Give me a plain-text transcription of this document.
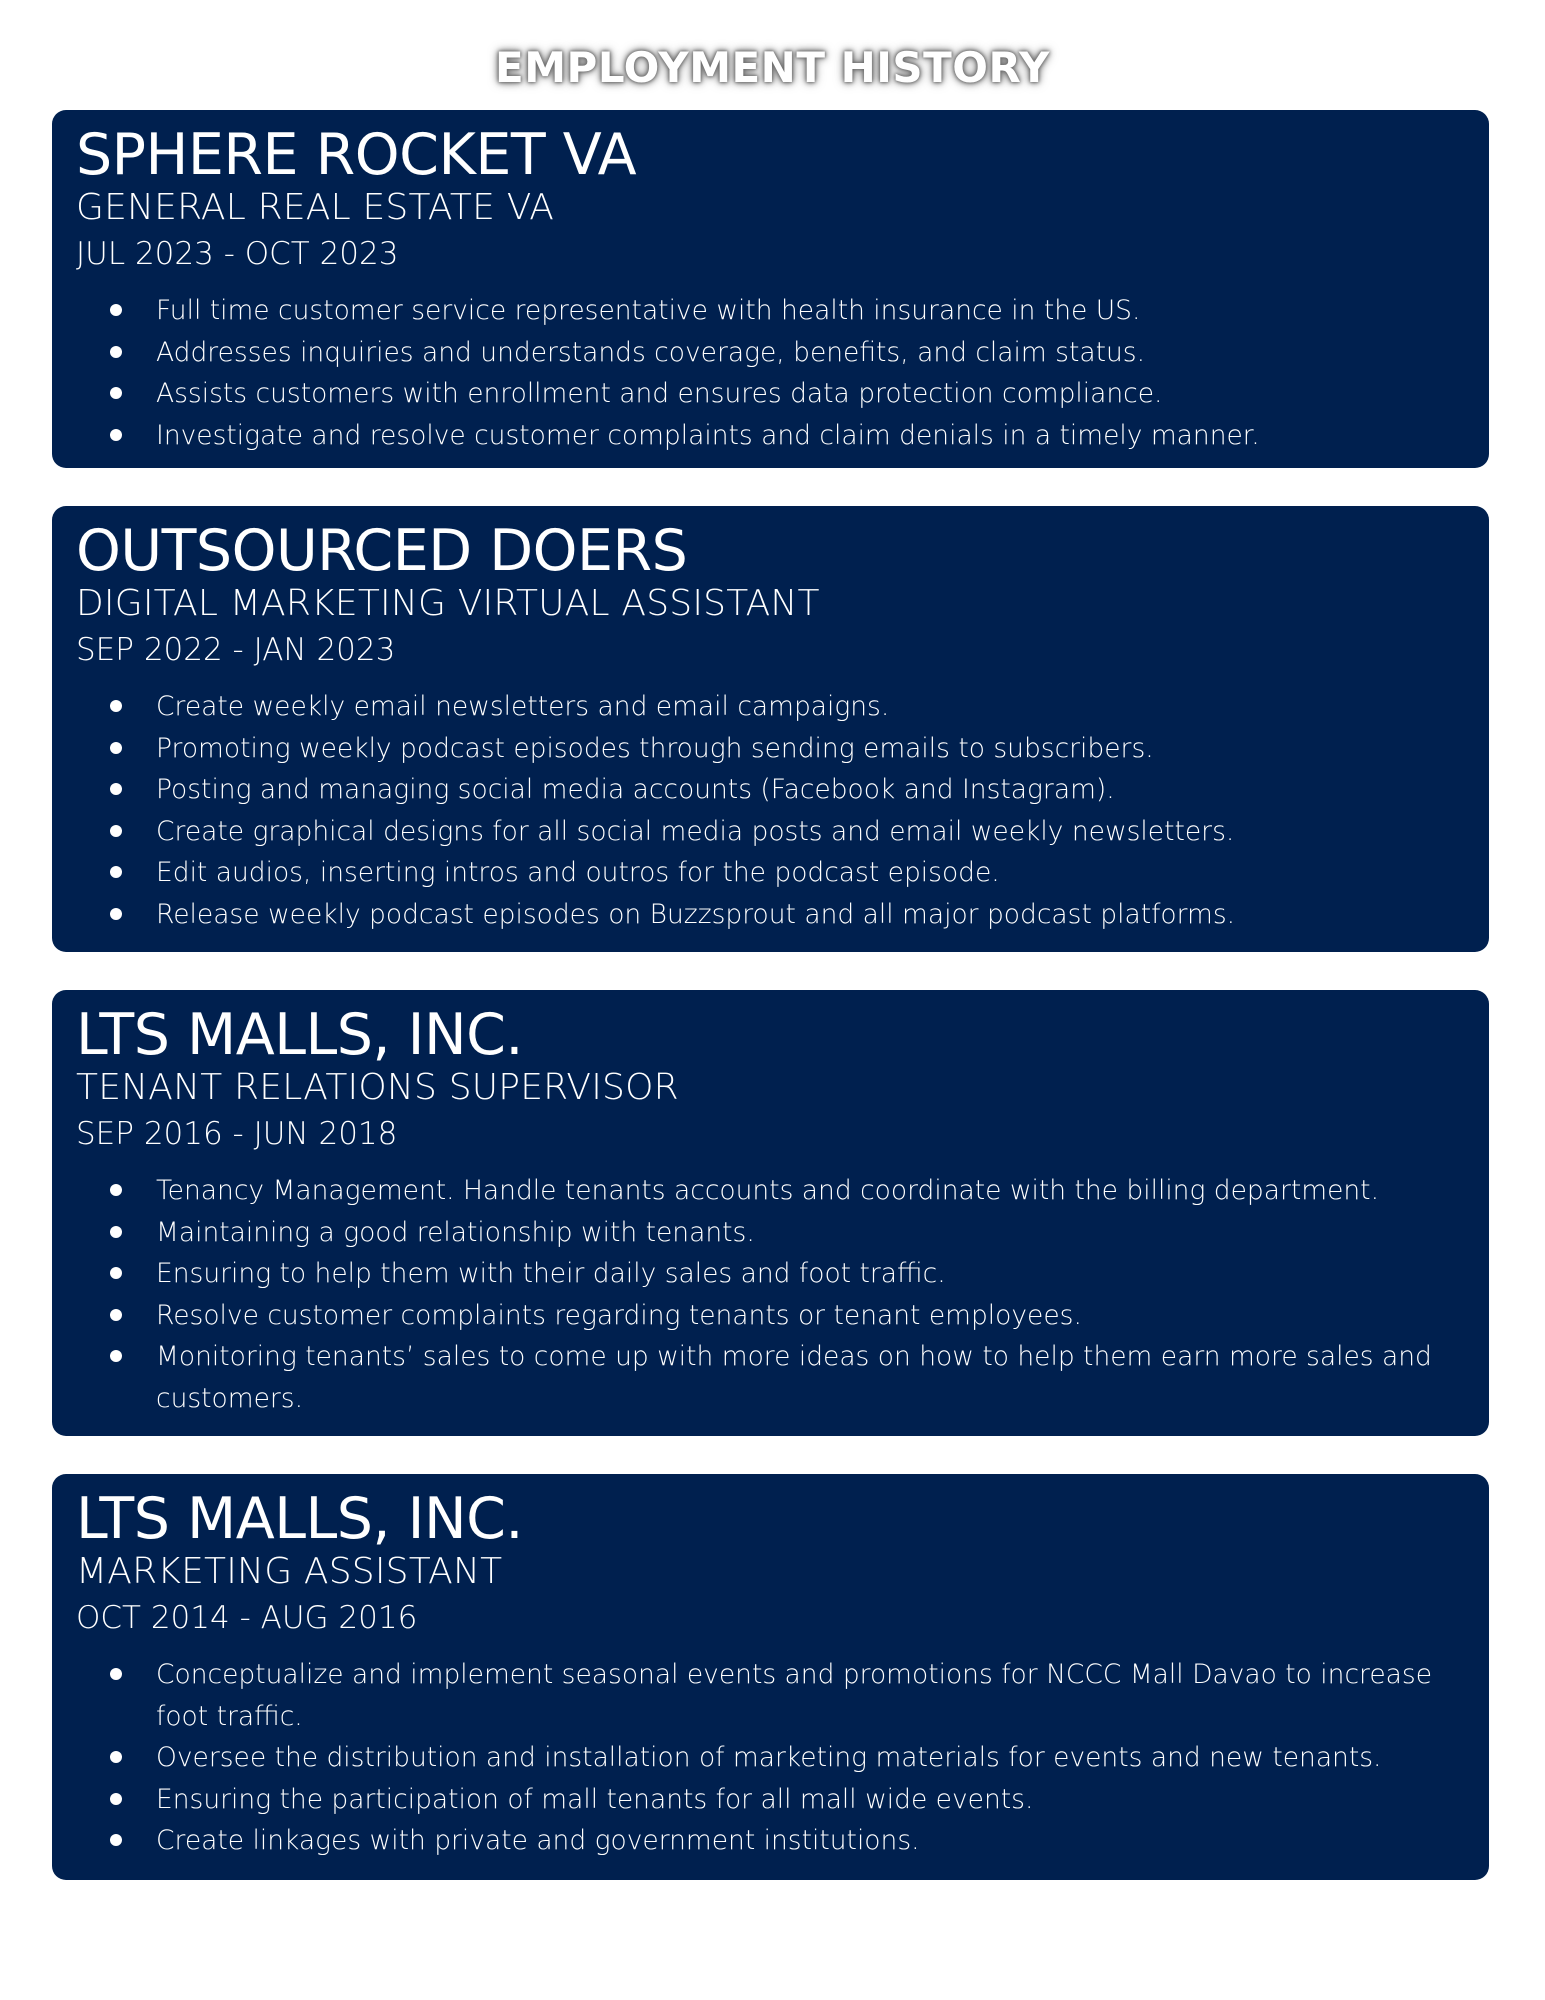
EMPLOYMENT HISTORY
SPHERE ROCKET VA
GENERAL REAL ESTATE VA
JUL 2023 - OCT 2023
Full time customer service representative with health insurance in the US.
Addresses inquiries and understands coverage, benefits, and claim status.
Assists customers with enrollment and ensures data protection compliance.
Investigate and resolve customer complaints and claim denials in a timely manner.
OUTSOURCED DOERS
DIGITAL MARKETING VIRTUAL ASSISTANT
SEP 2022 - JAN 2023
Create weekly email newsletters and email campaigns.
Promoting weekly podcast episodes through sending emails to subscribers.
Posting and managing social media accounts (Facebook and Instagram).
Create graphical designs for all social media posts and email weekly newsletters.
Edit audios, inserting intros and outros for the podcast episode.
Release weekly podcast episodes on Buzzsprout and all major podcast platforms.
LTS MALLS, INC.
TENANT RELATIONS SUPERVISOR
SEP 2016 - JUN 2018
Tenancy Management. Handle tenants accounts and coordinate with the billing department.
Maintaining a good relationship with tenants.
Ensuring to help them with their daily sales and foot traffic.
Resolve customer complaints regarding tenants or tenant employees.
Monitoring tenants’ sales to come up with more ideas on how to help them earn more sales and customers.
LTS MALLS, INC.
MARKETING ASSISTANT
OCT 2014 - AUG 2016
Conceptualize and implement seasonal events and promotions for NCCC Mall Davao to increase foot traffic.
Oversee the distribution and installation of marketing materials for events and new tenants.
Ensuring the participation of mall tenants for all mall wide events.
Create linkages with private and government institutions.
